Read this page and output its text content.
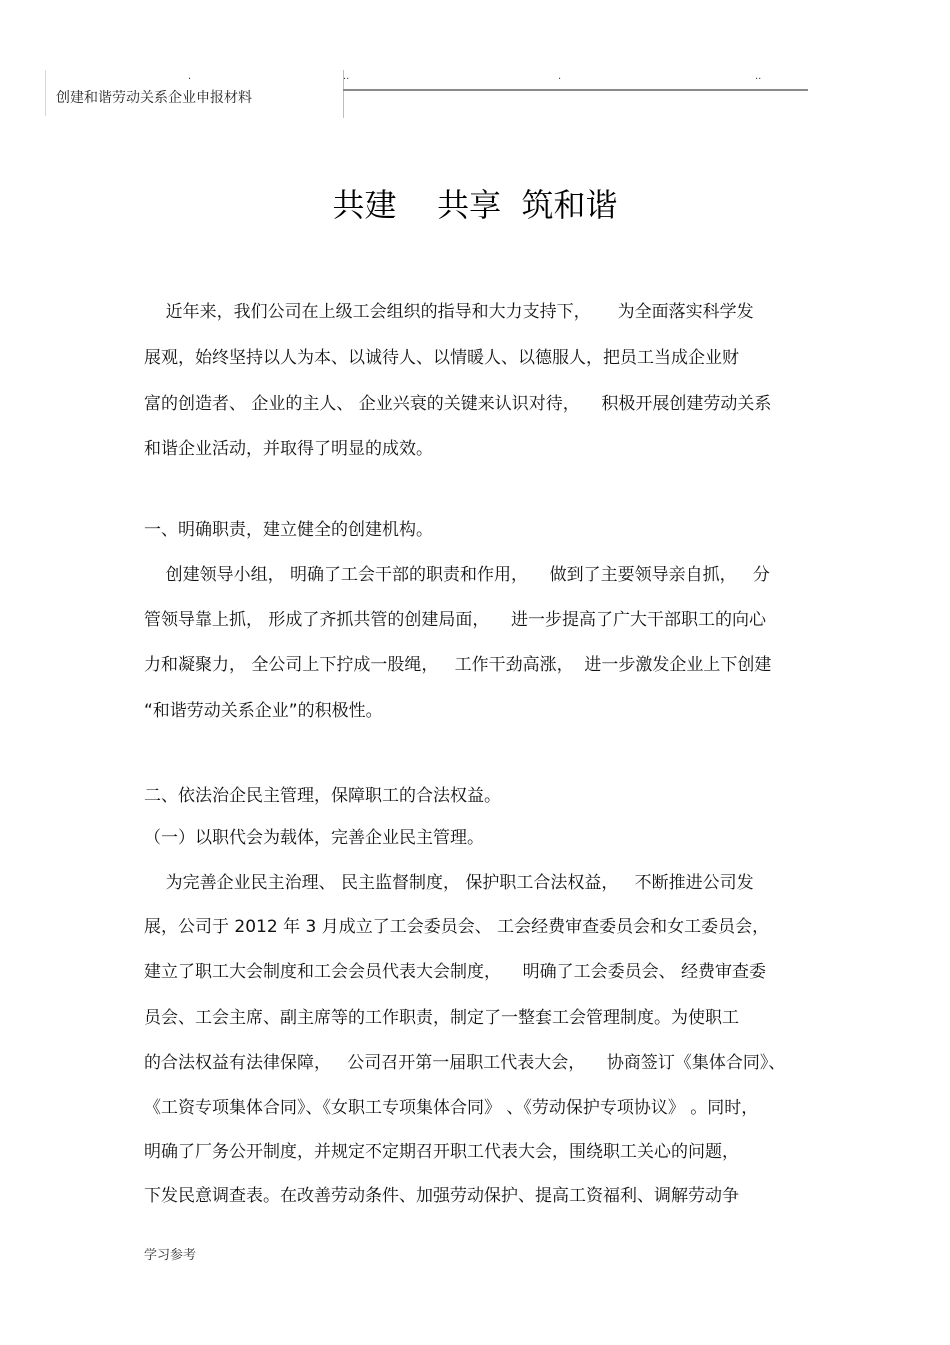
.	..	.	..
创建和谐劳动关系企业申报材料
共建    共享  筑和谐
近年来，我们公司在上级工会组织的指导和大力支持下，     为全面落实科学发
展观，始终坚持以人为本、以诚待人、以情暖人、以德服人，把员工当成企业财
富的创造者、 企业的主人、 企业兴衰的关键来认识对待，    积极开展创建劳动关系
和谐企业活动，并取得了明显的成效。
一、明确职责，建立健全的创建机构。
创建领导小组， 明确了工会干部的职责和作用，    做到了主要领导亲自抓，   分
管领导靠上抓， 形成了齐抓共管的创建局面，    进一步提高了广大干部职工的向心
力和凝聚力， 全公司上下拧成一股绳，   工作干劲高涨，  进一步激发企业上下创建
“和谐劳动关系企业”的积极性。
二、依法治企民主管理，保障职工的合法权益。
（一）以职代会为载体，完善企业民主管理。
为完善企业民主治理、 民主监督制度， 保护职工合法权益，   不断推进公司发
展，公司于 2012 年 3 月成立了工会委员会、 工会经费审查委员会和女工委员会，
建立了职工大会制度和工会会员代表大会制度，    明确了工会委员会、 经费审查委
员会、工会主席、副主席等的工作职责，制定了一整套工会管理制度。为使职工
的合法权益有法律保障，   公司召开第一届职工代表大会，    协商签订《集体合同》、
《工资专项集体合同》、《女职工专项集体合同》 、《劳动保护专项协议》 。同时，
明确了厂务公开制度，并规定不定期召开职工代表大会，围绕职工关心的问题，
下发民意调查表。在改善劳动条件、加强劳动保护、提高工资福利、调解劳动争
学习参考
